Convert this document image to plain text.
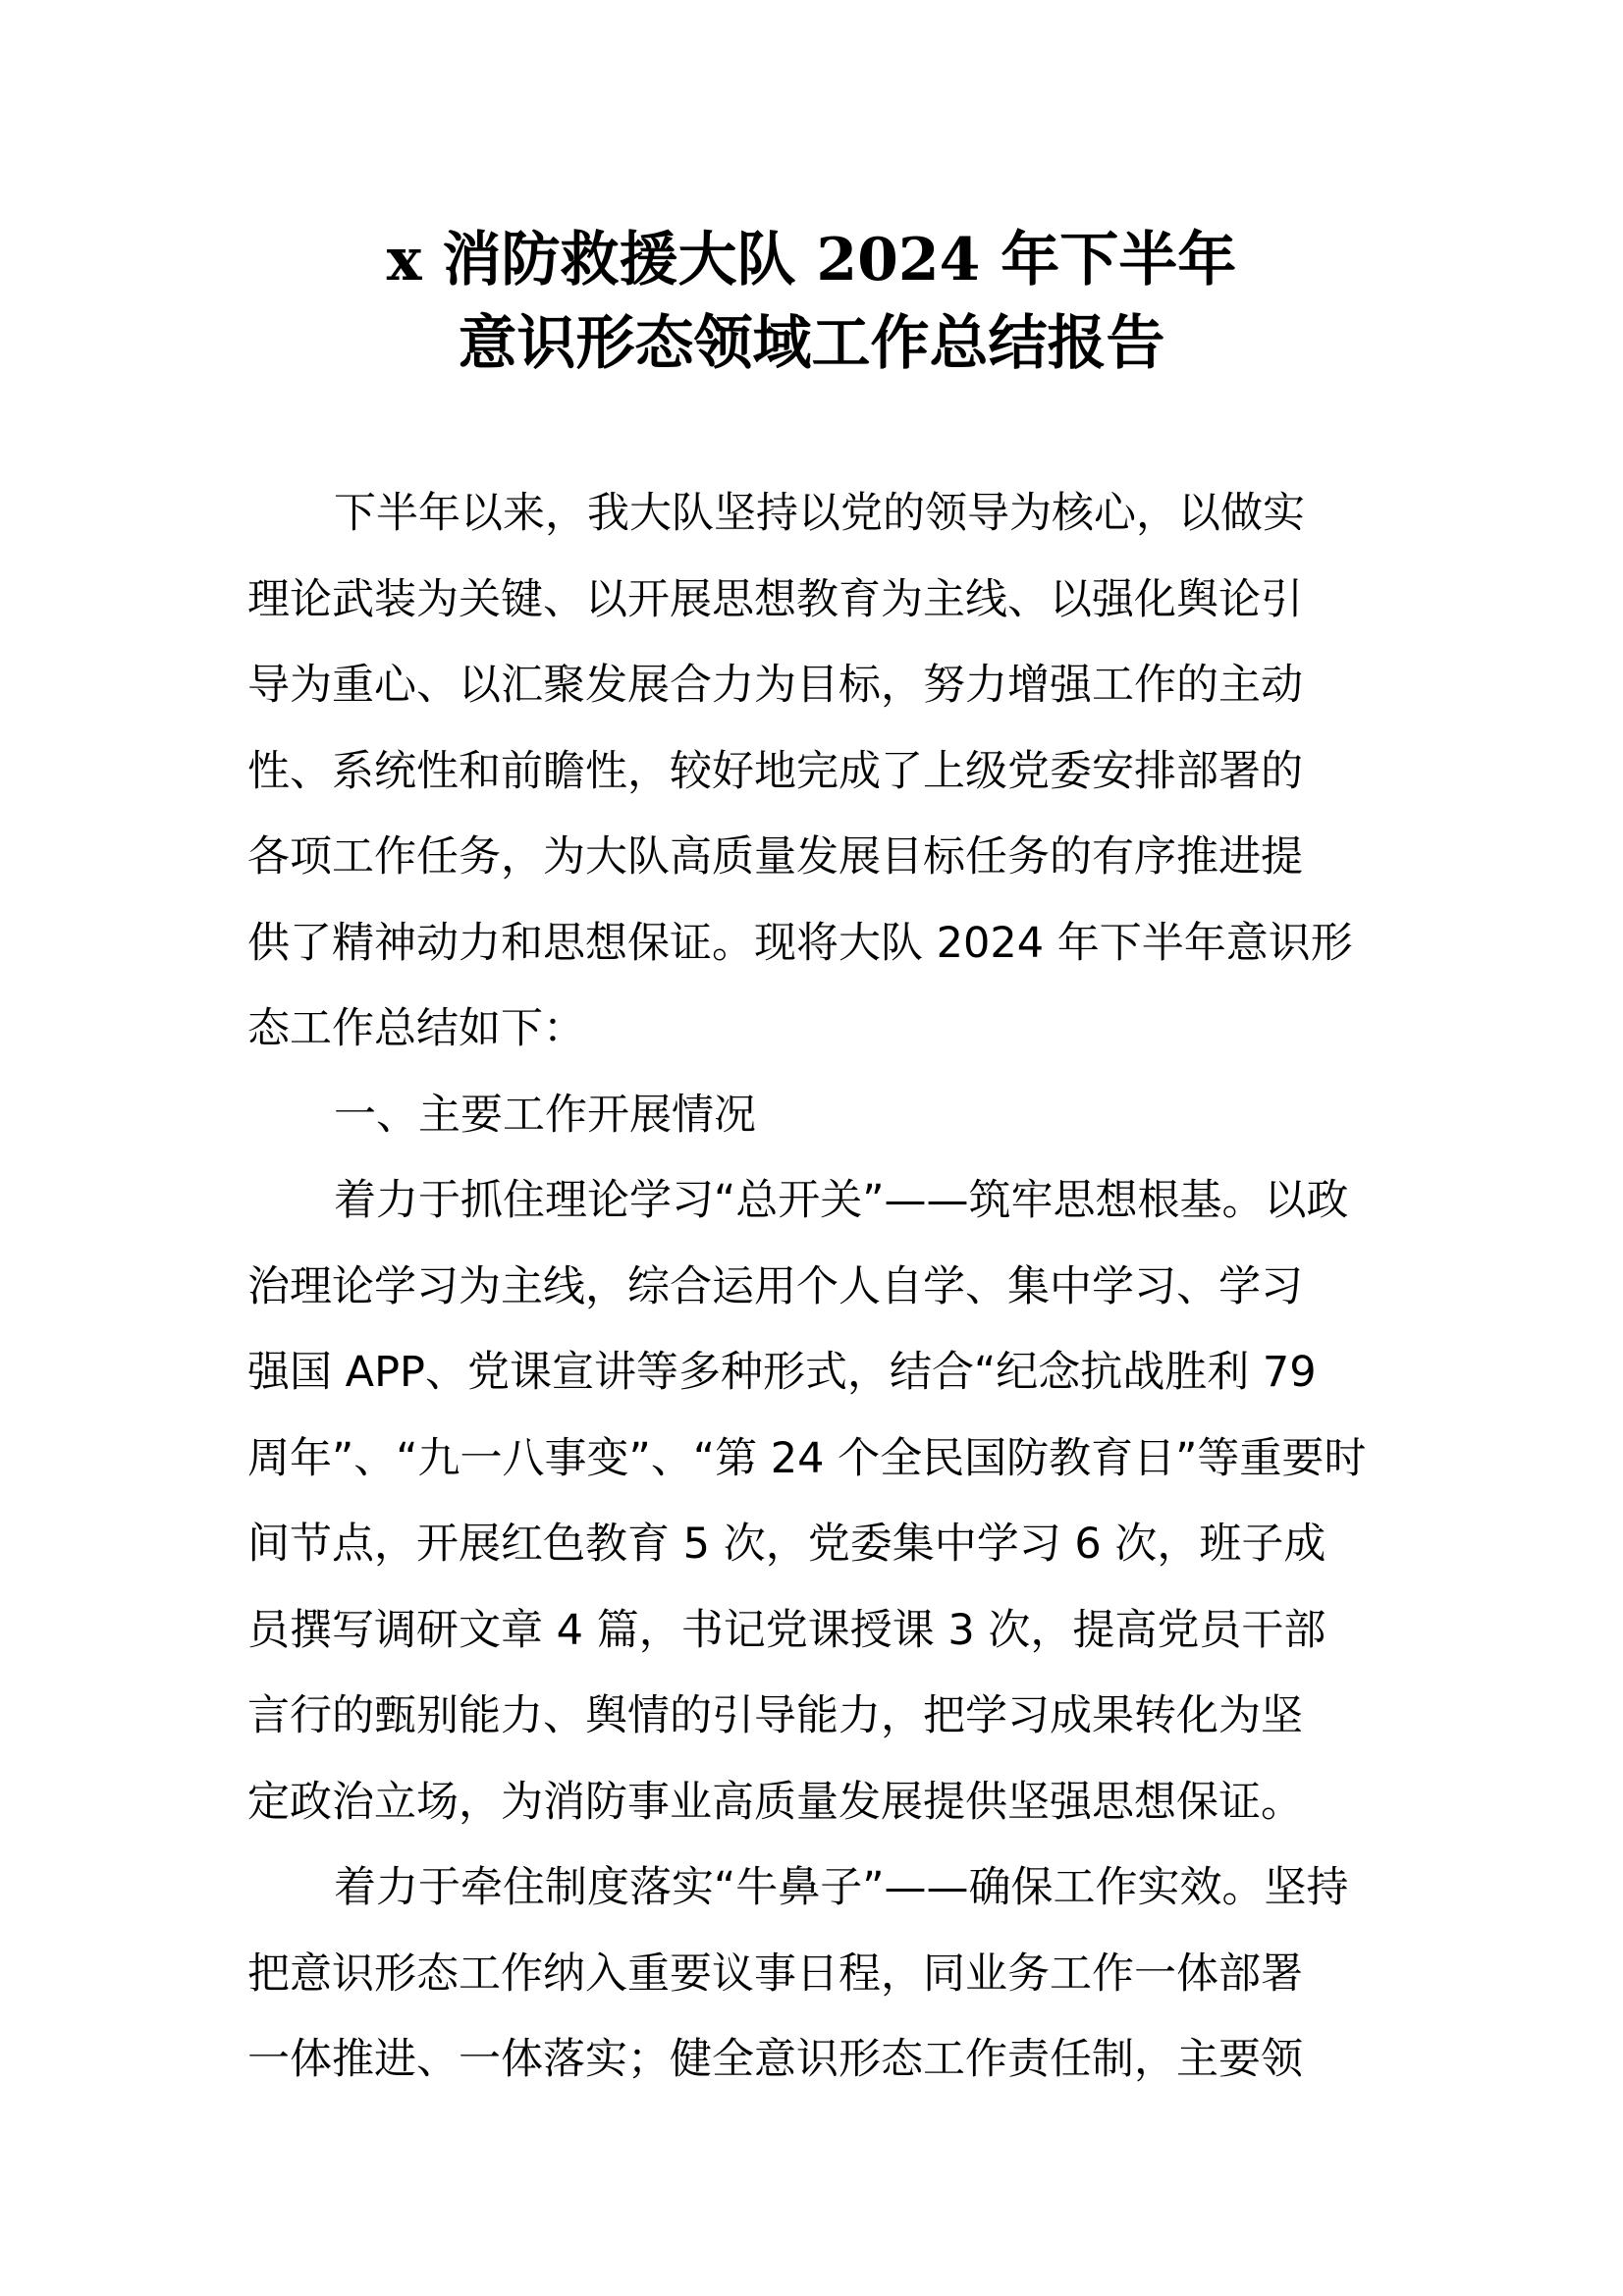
x 消防救援大队 2024 年下半年
意识形态领域工作总结报告

下半年以来，我大队坚持以党的领导为核心，以做实
理论武装为关键、以开展思想教育为主线、以强化舆论引
导为重心、以汇聚发展合力为目标，努力增强工作的主动
性、系统性和前瞻性，较好地完成了上级党委安排部署的
各项工作任务，为大队高质量发展目标任务的有序推进提
供了精神动力和思想保证。现将大队 2024 年下半年意识形
态工作总结如下：

一、主要工作开展情况

着力于抓住理论学习“总开关”——筑牢思想根基。以政
治理论学习为主线，综合运用个人自学、集中学习、学习
强国 APP、党课宣讲等多种形式，结合“纪念抗战胜利 79
周年”、“九一八事变”、“第 24 个全民国防教育日”等重要时
间节点，开展红色教育 5 次，党委集中学习 6 次，班子成
员撰写调研文章 4 篇，书记党课授课 3 次，提高党员干部
言行的甄别能力、舆情的引导能力，把学习成果转化为坚
定政治立场，为消防事业高质量发展提供坚强思想保证。

着力于牵住制度落实“牛鼻子”——确保工作实效。坚持
把意识形态工作纳入重要议事日程，同业务工作一体部署
一体推进、一体落实；健全意识形态工作责任制，主要领
